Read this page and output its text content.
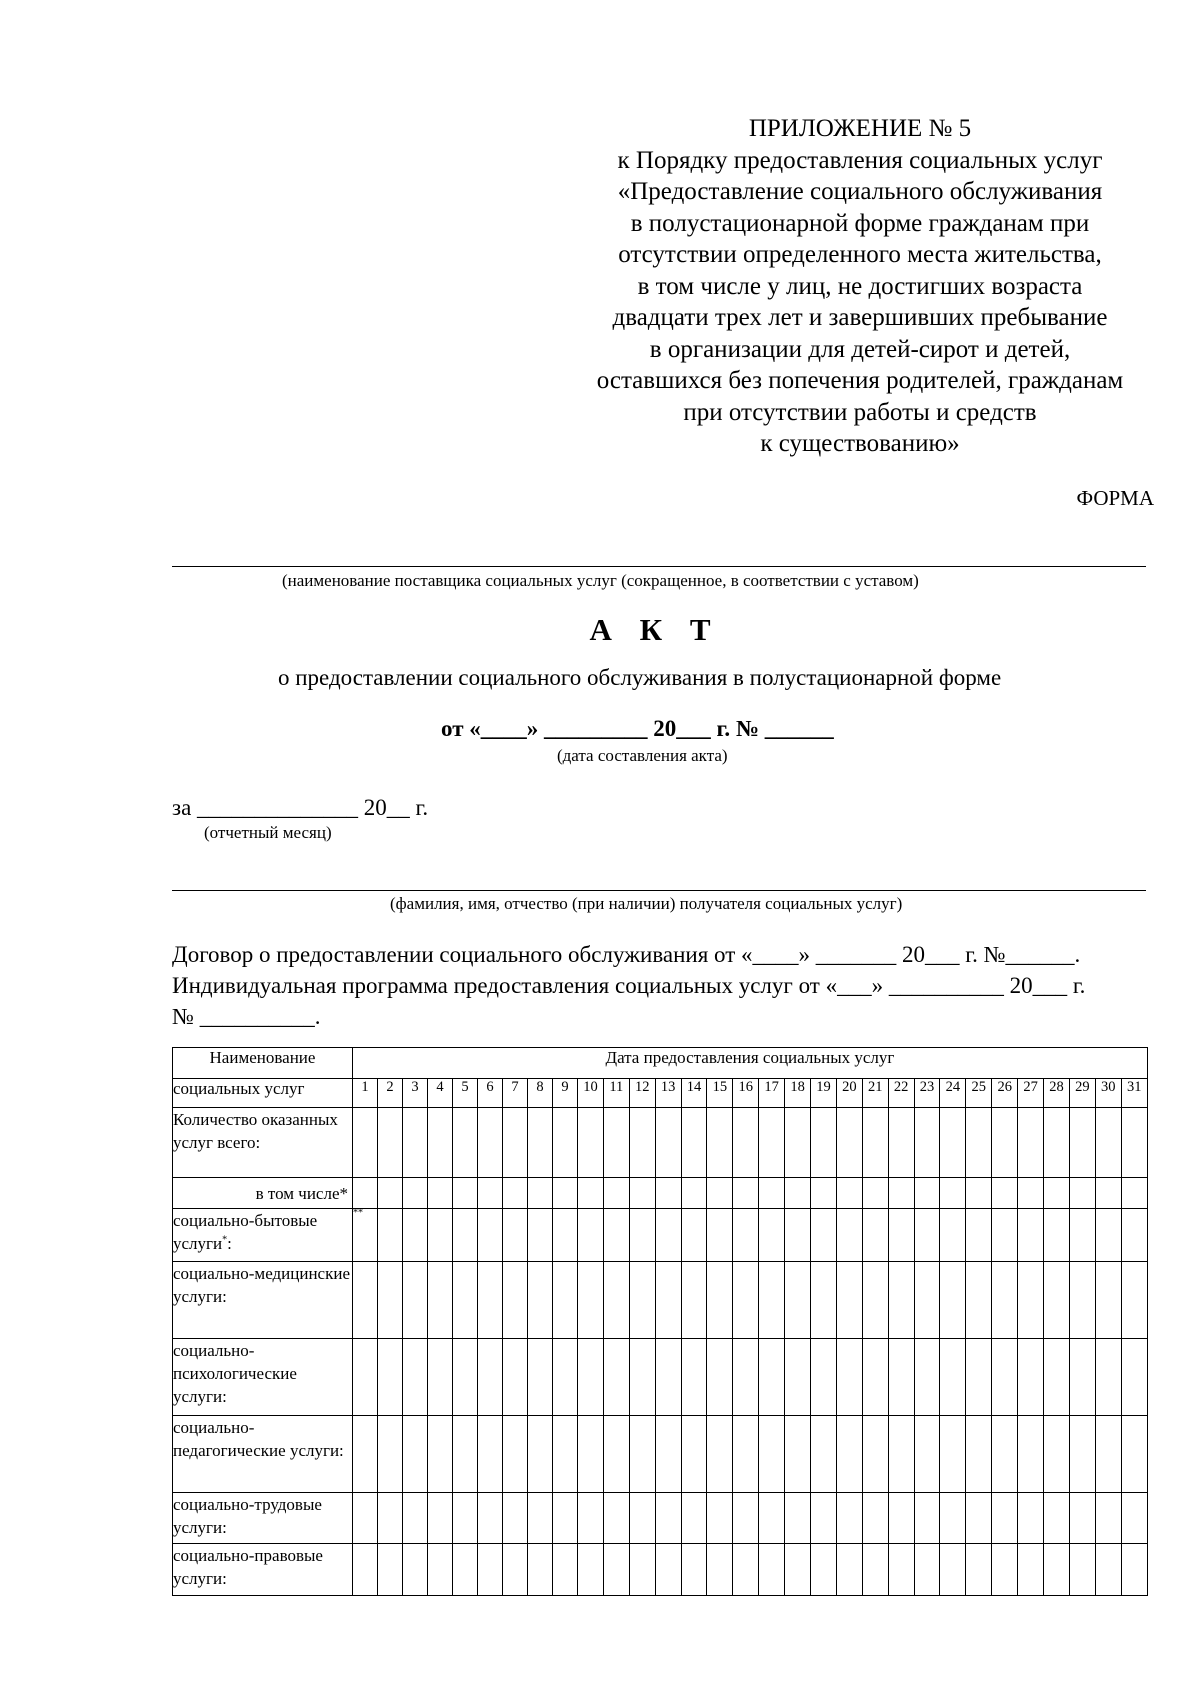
ПРИЛОЖЕНИЕ № 5
к Порядку предоставления социальных услуг
«Предоставление социального обслуживания
в полустационарной форме гражданам при
отсутствии определенного места жительства,
в том числе у лиц, не достигших возраста
двадцати трех лет и завершивших пребывание
в организации для детей-сирот и детей,
оставшихся без попечения родителей, гражданам
при отсутствии работы и средств
к существованию»
ФОРМА
(наименование поставщика социальных услуг (сокращенное, в соответствии с уставом)
А К Т
о предоставлении социального обслуживания в полустационарной форме
от «____» _________ 20___ г. № ______
(дата составления акта)
за ______________ 20__ г.
(отчетный месяц)
(фамилия, имя, отчество (при наличии) получателя социальных услуг)
Договор о предоставлении социального обслуживания от «____» _______ 20___ г. №______.
Индивидуальная программа предоставления социальных услуг от «___» __________ 20___ г.
№ __________.
Наименование	Дата предоставления социальных услуг																														
социальных услуг	1	2	3	4	5	6	7	8	9	10	11	12	13	14	15	16	17	18	19	20	21	22	23	24	25	26	27	28	29	30	31
Количество оказанных услуг всего:																															
в том числе*																															
социально-бытовые услуги*:	**																														
социально-медицинские услуги:																															
социально-психологические услуги:																															
социально-педагогические услуги:																															
социально-трудовые услуги:																															
социально-правовые услуги:																															
